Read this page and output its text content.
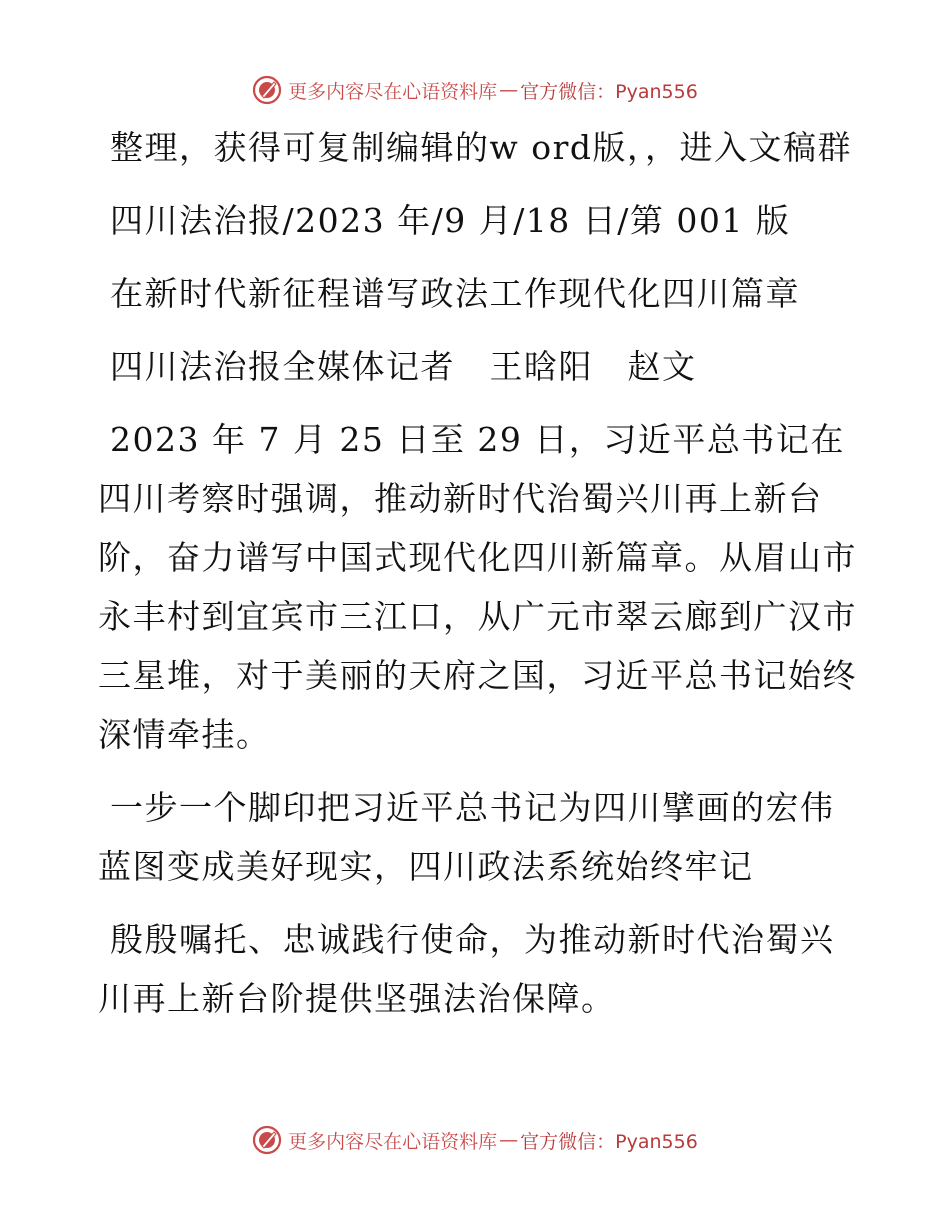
更多内容尽在心语资料库 — 官方微信：Pyan556

整理，获得可复制编辑的w ord版，，进入文稿群

四川法治报/2023 年/9 月/18 日/第 001 版

在新时代新征程谱写政法工作现代化四川篇章

四川法治报全媒体记者　王晗阳　赵文

2023 年 7 月 25 日至 29 日，习近平总书记在四川考察时强调，推动新时代治蜀兴川再上新台阶，奋力谱写中国式现代化四川新篇章。从眉山市永丰村到宜宾市三江口，从广元市翠云廊到广汉市三星堆，对于美丽的天府之国，习近平总书记始终深情牵挂。

一步一个脚印把习近平总书记为四川擘画的宏伟蓝图变成美好现实，四川政法系统始终牢记

殷殷嘱托、忠诚践行使命，为推动新时代治蜀兴川再上新台阶提供坚强法治保障。

更多内容尽在心语资料库 — 官方微信：Pyan556
